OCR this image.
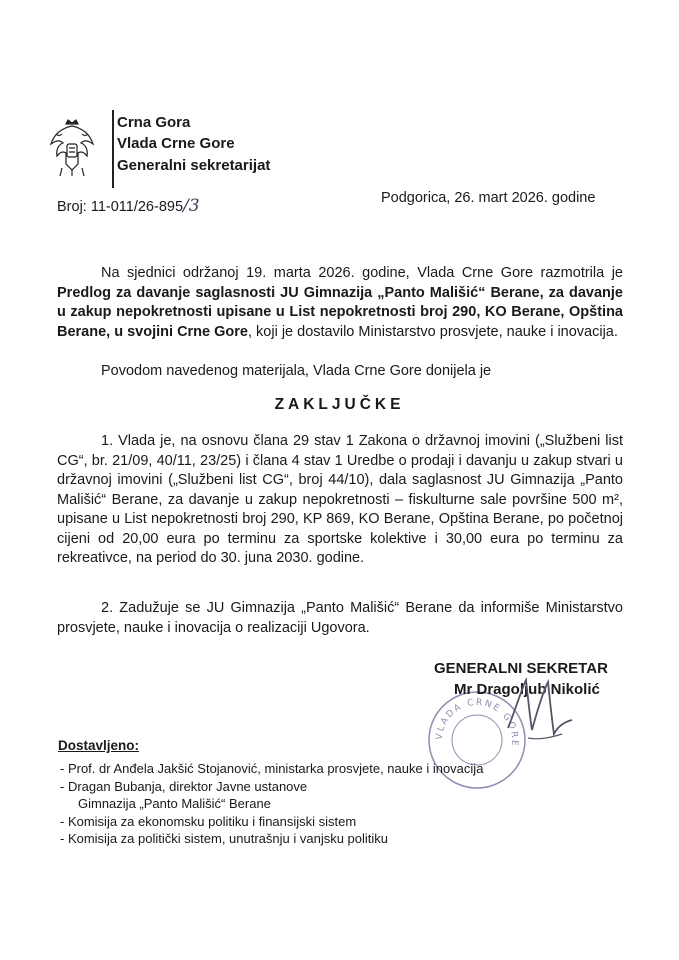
Crna Gora
Vlada Crne Gore
Generalni sekretarijat
Broj: 11-011/26-895/3	Podgorica, 26. mart 2026. godine
Na sjednici održanoj 19. marta 2026. godine, Vlada Crne Gore razmotrila je Predlog za davanje saglasnosti JU Gimnazija „Panto Mališić“ Berane, za davanje u zakup nepokretnosti upisane u List nepokretnosti broj 290, KO Berane, Opština Berane, u svojini Crne Gore, koji je dostavilo Ministarstvo prosvjete, nauke i inovacija.
Povodom navedenog materijala, Vlada Crne Gore donijela je
ZAKLJUČKE
1. Vlada je, na osnovu člana 29 stav 1 Zakona o državnoj imovini („Službeni list CG“, br. 21/09, 40/11, 23/25) i člana 4 stav 1 Uredbe o prodaji i davanju u zakup stvari u državnoj imovini („Službeni list CG“, broj 44/10), dala saglasnost JU Gimnazija „Panto Mališić“ Berane, za davanje u zakup nepokretnosti – fiskulturne sale površine 500 m², upisane u List nepokretnosti broj 290, KP 869, KO Berane, Opština Berane, po početnoj cijeni od 20,00 eura po terminu za sportske kolektive i 30,00 eura po terminu za rekreativce, na period do 30. juna 2030. godine.
2. Zadužuje se JU Gimnazija „Panto Mališić“ Berane da informiše Ministarstvo prosvjete, nauke i inovacija o realizaciji Ugovora.
VLADA CRNE GORE
GENERALNI SEKRETAR
Mr Dragoljub Nikolić
Dostavljeno:
- Prof. dr Anđela Jakšić Stojanović, ministarka prosvjete, nauke i inovacija
- Dragan Bubanja, direktor Javne ustanove
Gimnazija „Panto Mališić“ Berane
- Komisija za ekonomsku politiku i finansijski sistem
- Komisija za politički sistem, unutrašnju i vanjsku politiku
